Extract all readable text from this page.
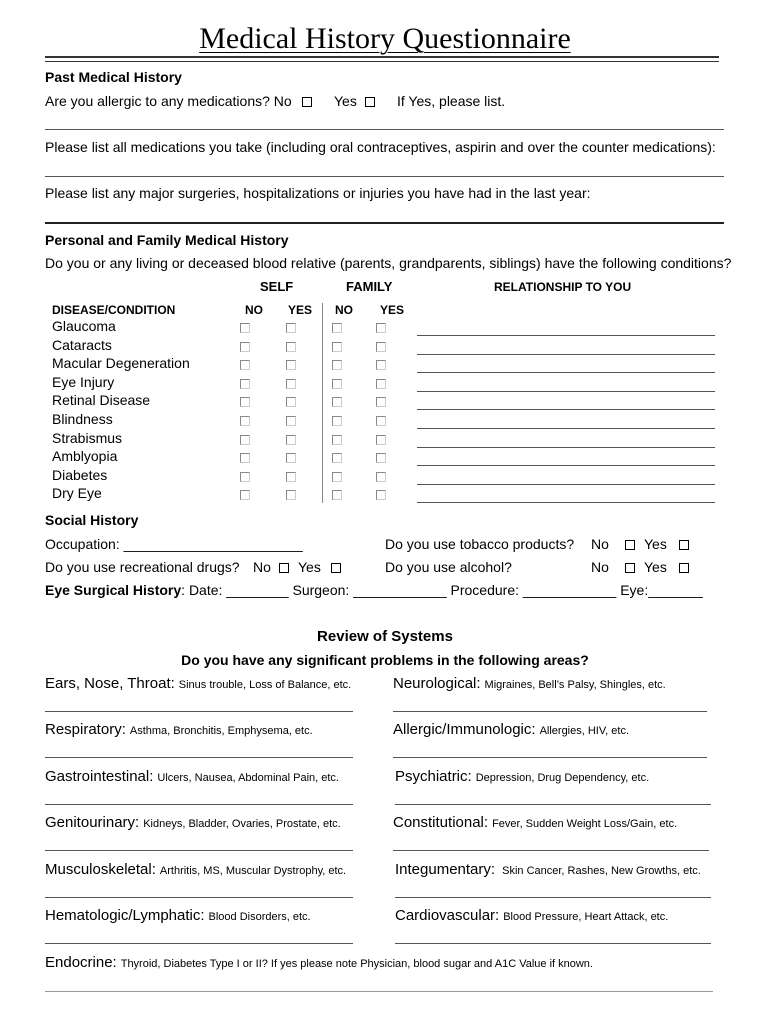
Medical History Questionnaire
Past Medical History
Are you allergic to any medications? No	Yes	If Yes, please list.
Please list all medications you take (including oral contraceptives, aspirin and over the counter medications):
Please list any major surgeries, hospitalizations or injuries you have had in the last year:
Personal and Family Medical History
Do you or any living or deceased blood relative (parents, grandparents, siblings) have the following conditions?
SELF	FAMILY	RELATIONSHIP TO YOU
DISEASE/CONDITION	NO YES NO YES
Glaucoma
Cataracts
Macular Degeneration
Eye Injury
Retinal Disease
Blindness
Strabismus
Amblyopia
Diabetes
Dry Eye
Social History
Occupation: _______________________	Do you use tobacco products? No	Yes
Do you use recreational drugs? No	Yes	Do you use alcohol?	No	Yes
Eye Surgical History: Date: ________ Surgeon: ____________ Procedure: ____________ Eye:_______
Review of Systems
Do you have any significant problems in the following areas?
Ears, Nose, Throat: Sinus trouble, Loss of Balance, etc.	Neurological: Migraines, Bell’s Palsy, Shingles, etc.
Respiratory: Asthma, Bronchitis, Emphysema, etc.	Allergic/Immunologic: Allergies, HIV, etc.
Gastrointestinal: Ulcers, Nausea, Abdominal Pain, etc.	Psychiatric: Depression, Drug Dependency, etc.
Genitourinary: Kidneys, Bladder, Ovaries, Prostate, etc.	Constitutional: Fever, Sudden Weight Loss/Gain, etc.
Musculoskeletal: Arthritis, MS, Muscular Dystrophy, etc.	Integumentary: Skin Cancer, Rashes, New Growths, etc.
Hematologic/Lymphatic: Blood Disorders, etc.	Cardiovascular: Blood Pressure, Heart Attack, etc.
Endocrine: Thyroid, Diabetes Type I or II? If yes please note Physician, blood sugar and A1C Value if known.
